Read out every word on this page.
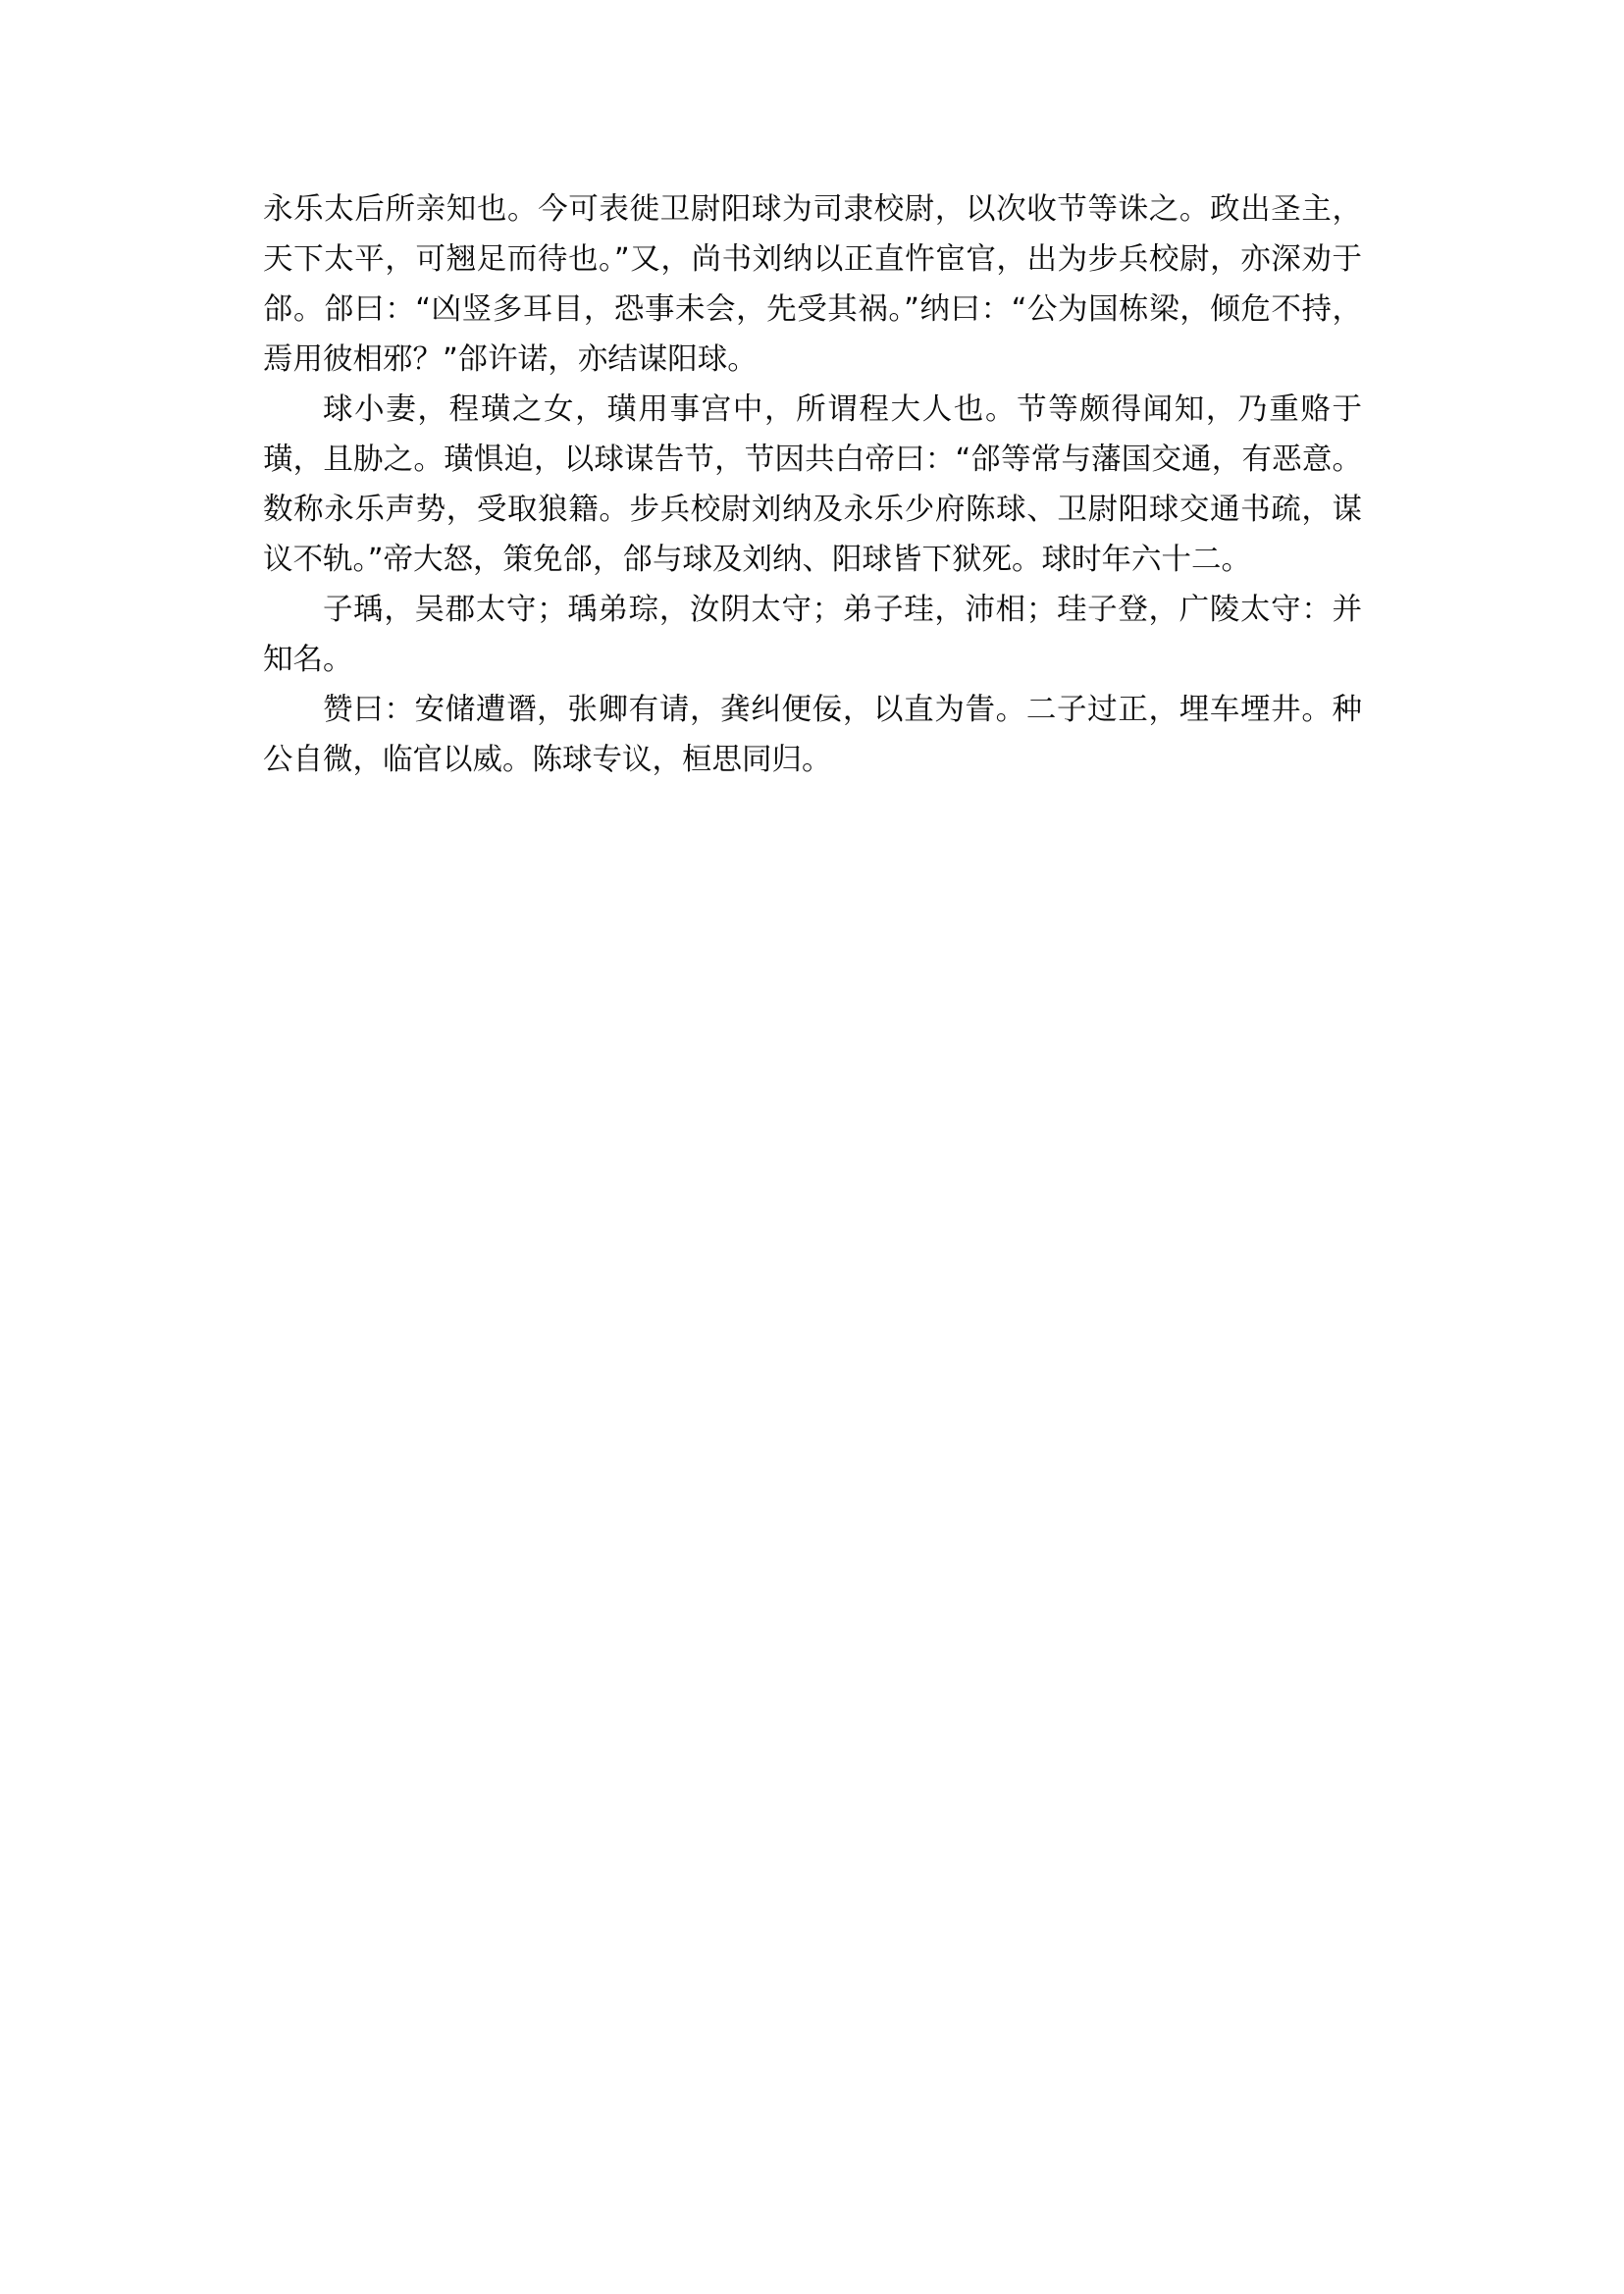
永乐太后所亲知也。今可表徙卫尉阳球为司隶校尉，以次收节等诛之。政出圣主，天下太平，可翘足而待也。”又，尚书刘纳以正直忤宦官，出为步兵校尉，亦深劝于郃。郃曰：“凶竖多耳目，恐事未会，先受其祸。”纳曰：“公为国栋梁，倾危不持，焉用彼相邪？”郃许诺，亦结谋阳球。

球小妻，程璜之女，璜用事宫中，所谓程大人也。节等颇得闻知，乃重赂于璜，且胁之。璜惧迫，以球谋告节，节因共白帝曰：“郃等常与藩国交通，有恶意。数称永乐声势，受取狼籍。步兵校尉刘纳及永乐少府陈球、卫尉阳球交通书疏，谋议不轨。”帝大怒，策免郃，郃与球及刘纳、阳球皆下狱死。球时年六十二。

子瑀，吴郡太守；瑀弟琮，汝阴太守；弟子珪，沛相；珪子登，广陵太守：并知名。

赞曰：安储遭谮，张卿有请，龚纠便佞，以直为眚。二子过正，埋车堙井。种公自微，临官以威。陈球专议，桓思同归。
